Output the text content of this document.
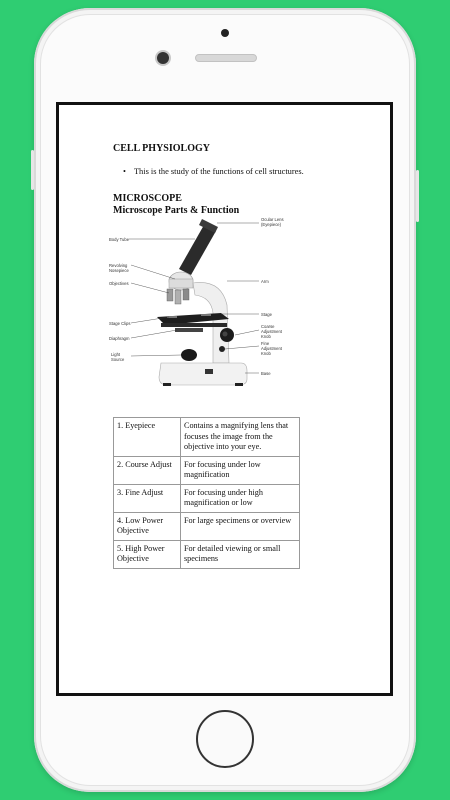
CELL PHYSIOLOGY
• This is the study of the functions of cell structures.
MICROSCOPE
Microscope Parts & Function
Ocular Lens
(Eyepiece)
Body Tube
Revolving
Nosepiece
Objectives	Arm
Stage
Stage Clips
Coarse
Adjustment
Knob
Diaphragm
Fine
Adjustment
Knob
Light
Source
Base
1. Eyepiece	Contains a magnifying lens that focuses the image from the objective into your eye.
2. Course Adjust	For focusing under low magnification
3. Fine Adjust	For focusing under high magnification or low
4. Low Power Objective	For large specimens or overview
5. High Power Objective	For detailed viewing or small specimens
